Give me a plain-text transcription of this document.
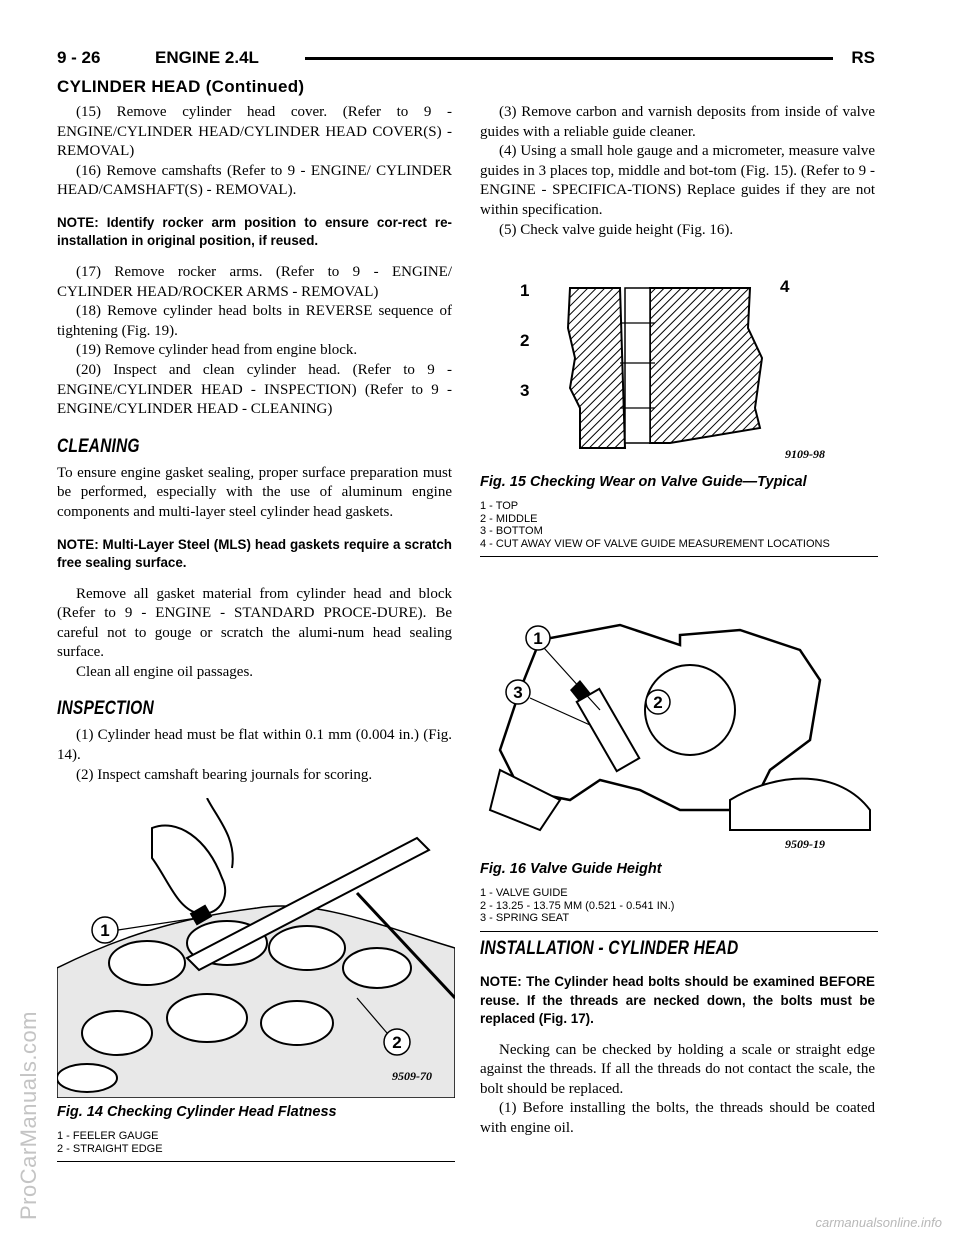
9 - 26	ENGINE 2.4L	RS
CYLINDER HEAD (Continued)

(15) Remove cylinder head cover. (Refer to 9 - ENGINE/CYLINDER HEAD/CYLINDER HEAD COVER(S) - REMOVAL)

(16) Remove camshafts (Refer to 9 - ENGINE/ CYLINDER HEAD/CAMSHAFT(S) - REMOVAL).

NOTE: Identify rocker arm position to ensure cor-rect re-installation in original position, if reused.

(17) Remove rocker arms. (Refer to 9 - ENGINE/ CYLINDER HEAD/ROCKER ARMS - REMOVAL)

(18) Remove cylinder head bolts in REVERSE sequence of tightening (Fig. 19).

(19) Remove cylinder head from engine block.

(20) Inspect and clean cylinder head. (Refer to 9 - ENGINE/CYLINDER HEAD - INSPECTION) (Refer to 9 - ENGINE/CYLINDER HEAD - CLEANING)

CLEANING

To ensure engine gasket sealing, proper surface preparation must be performed, especially with the use of aluminum engine components and multi-layer steel cylinder head gaskets.

NOTE: Multi-Layer Steel (MLS) head gaskets require a scratch free sealing surface.

Remove all gasket material from cylinder head and block (Refer to 9 - ENGINE - STANDARD PROCE-DURE). Be careful not to gouge or scratch the alumi-num head sealing surface.

Clean all engine oil passages.

INSPECTION

(1) Cylinder head must be flat within 0.1 mm (0.004 in.) (Fig. 14).

(2) Inspect camshaft bearing journals for scoring.

1
2
9509-70
Fig. 14 Checking Cylinder Head Flatness
1 - FEELER GAUGE
2 - STRAIGHT EDGE

(3) Remove carbon and varnish deposits from inside of valve guides with a reliable guide cleaner.

(4) Using a small hole gauge and a micrometer, measure valve guides in 3 places top, middle and bot-tom (Fig. 15). (Refer to 9 - ENGINE - SPECIFICA-TIONS) Replace guides if they are not within specification.

(5) Check valve guide height (Fig. 16).

1
2
3
4
9109-98
Fig. 15 Checking Wear on Valve Guide—Typical
1 - TOP
2 - MIDDLE
3 - BOTTOM
4 - CUT AWAY VIEW OF VALVE GUIDE MEASUREMENT LOCATIONS
1
2
3
9509-19
Fig. 16 Valve Guide Height
1 - VALVE GUIDE
2 - 13.25 - 13.75 MM (0.521 - 0.541 IN.)
3 - SPRING SEAT
INSTALLATION - CYLINDER HEAD
NOTE: The Cylinder head bolts should be examined BEFORE reuse. If the threads are necked down, the bolts must be replaced (Fig. 17).

Necking can be checked by holding a scale or straight edge against the threads. If all the threads do not contact the scale, the bolt should be replaced.

(1) Before installing the bolts, the threads should be coated with engine oil.

ProCarManuals.com
carmanualsonline.info
